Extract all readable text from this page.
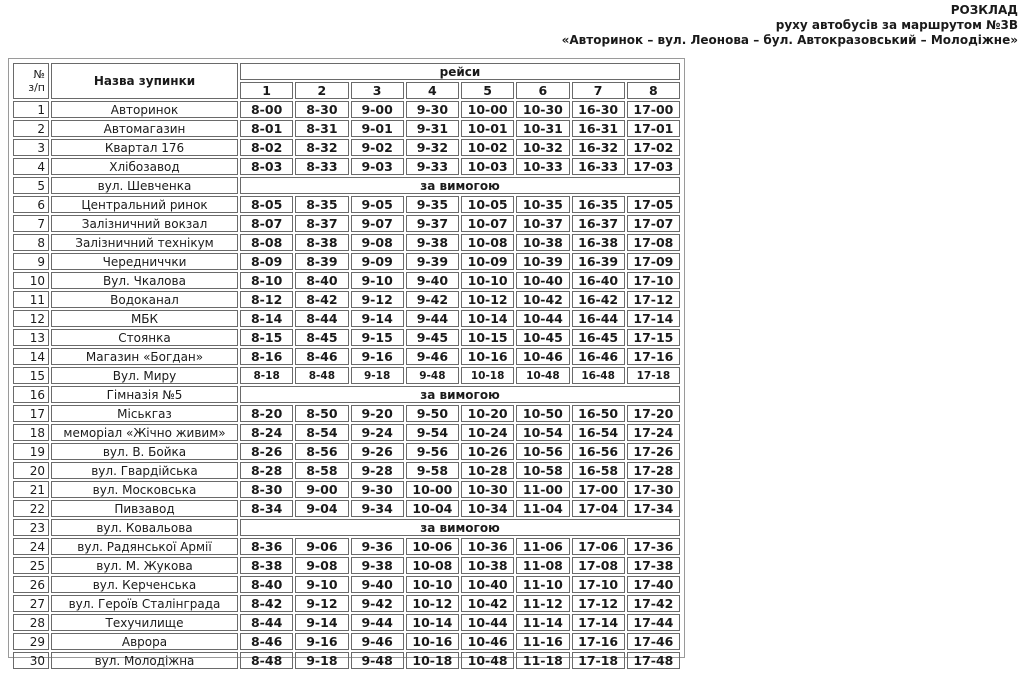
РОЗКЛАД
руху автобусів за маршрутом №3В
«Авторинок – вул. Леонова – бул. Автокразовський – Молодіжне»
№
з/п	Назва зупинки	рейси							
		1	2	3	4	5	6	7	8
1	Авторинок	8-00	8-30	9-00	9-30	10-00	10-30	16-30	17-00
2	Автомагазин	8-01	8-31	9-01	9-31	10-01	10-31	16-31	17-01
3	Квартал 176	8-02	8-32	9-02	9-32	10-02	10-32	16-32	17-02
4	Хлібозавод	8-03	8-33	9-03	9-33	10-03	10-33	16-33	17-03
5	вул. Шевченка	за вимогою							
6	Центральний ринок	8-05	8-35	9-05	9-35	10-05	10-35	16-35	17-05
7	Залізничний вокзал	8-07	8-37	9-07	9-37	10-07	10-37	16-37	17-07
8	Залізничний технікум	8-08	8-38	9-08	9-38	10-08	10-38	16-38	17-08
9	Чередниччки	8-09	8-39	9-09	9-39	10-09	10-39	16-39	17-09
10	Вул. Чкалова	8-10	8-40	9-10	9-40	10-10	10-40	16-40	17-10
11	Водоканал	8-12	8-42	9-12	9-42	10-12	10-42	16-42	17-12
12	МБК	8-14	8-44	9-14	9-44	10-14	10-44	16-44	17-14
13	Стоянка	8-15	8-45	9-15	9-45	10-15	10-45	16-45	17-15
14	Магазин «Богдан»	8-16	8-46	9-16	9-46	10-16	10-46	16-46	17-16
15	Вул. Миру	8-18	8-48	9-18	9-48	10-18	10-48	16-48	17-18
16	Гімназія №5	за вимогою							
17	Міськгаз	8-20	8-50	9-20	9-50	10-20	10-50	16-50	17-20
18	меморіал «Жічно живим»	8-24	8-54	9-24	9-54	10-24	10-54	16-54	17-24
19	вул. В. Бойка	8-26	8-56	9-26	9-56	10-26	10-56	16-56	17-26
20	вул. Гвардійська	8-28	8-58	9-28	9-58	10-28	10-58	16-58	17-28
21	вул. Московська	8-30	9-00	9-30	10-00	10-30	11-00	17-00	17-30
22	Пивзавод	8-34	9-04	9-34	10-04	10-34	11-04	17-04	17-34
23	вул. Ковальова	за вимогою							
24	вул. Радянської Армії	8-36	9-06	9-36	10-06	10-36	11-06	17-06	17-36
25	вул. М. Жукова	8-38	9-08	9-38	10-08	10-38	11-08	17-08	17-38
26	вул. Керченська	8-40	9-10	9-40	10-10	10-40	11-10	17-10	17-40
27	вул. Героїв Сталінграда	8-42	9-12	9-42	10-12	10-42	11-12	17-12	17-42
28	Техучилище	8-44	9-14	9-44	10-14	10-44	11-14	17-14	17-44
29	Аврора	8-46	9-16	9-46	10-16	10-46	11-16	17-16	17-46
30	вул. Молодіжна	8-48	9-18	9-48	10-18	10-48	11-18	17-18	17-48
